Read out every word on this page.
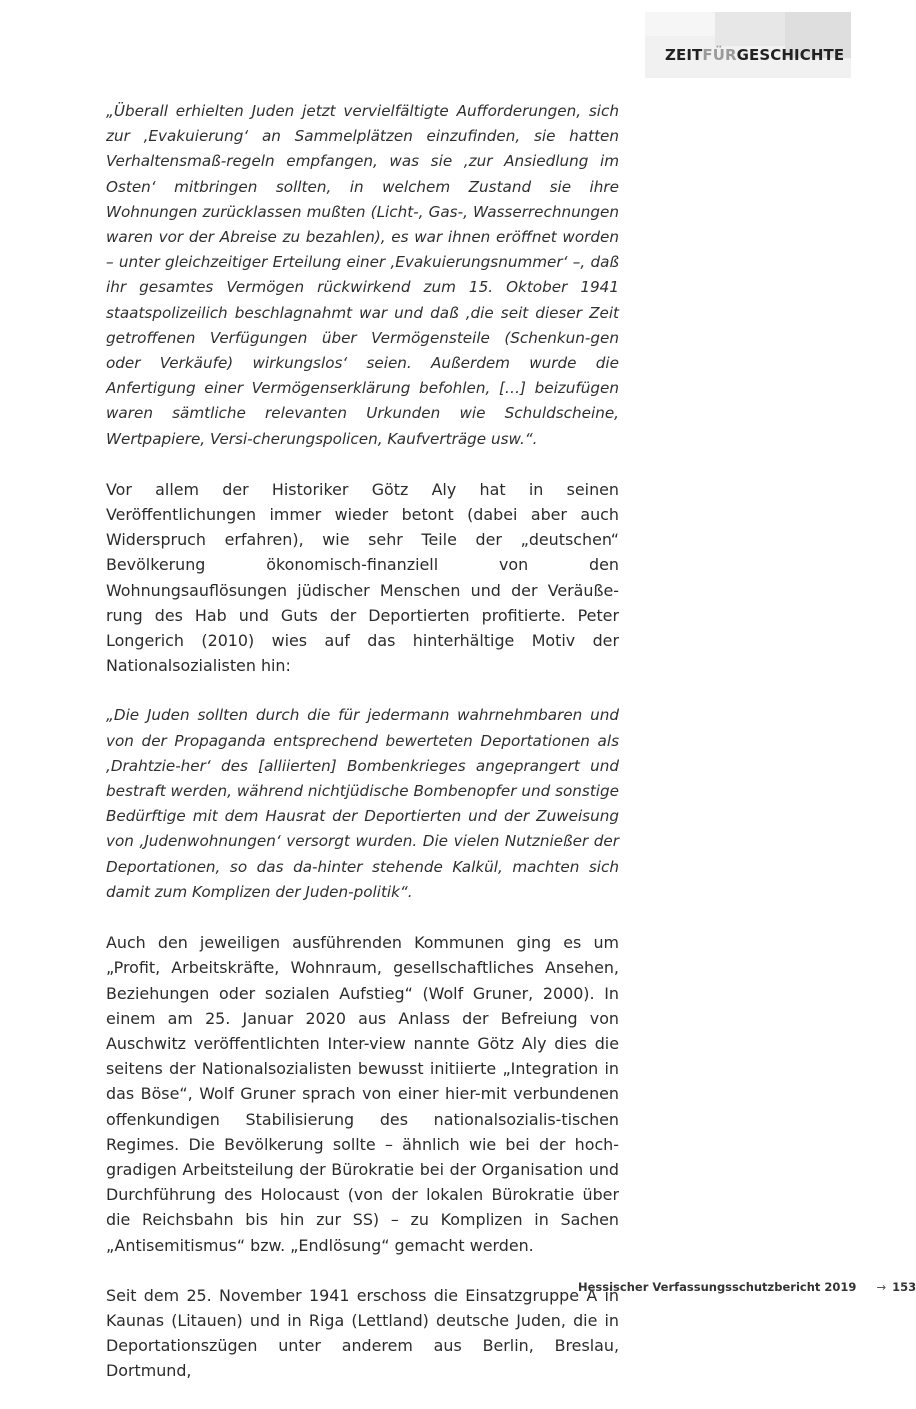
ZEITFÜRGESCHICHTE

„Überall erhielten Juden jetzt vervielfältigte Aufforderungen, sich zur ‚Evakuierung‘ an Sammelplätzen einzufinden, sie hatten Verhaltensmaß-regeln empfangen, was sie ‚zur Ansiedlung im Osten‘ mitbringen sollten, in welchem Zustand sie ihre Wohnungen zurücklassen mußten (Licht-, Gas-, Wasserrechnungen waren vor der Abreise zu bezahlen), es war ihnen eröffnet worden – unter gleichzeitiger Erteilung einer ‚Evakuierungsnummer‘ –, daß ihr gesamtes Vermögen rückwirkend zum 15. Oktober 1941 staatspolizeilich beschlagnahmt war und daß ‚die seit dieser Zeit getroffenen Verfügungen über Vermögensteile (Schenkun-gen oder Verkäufe) wirkungslos‘ seien. Außerdem wurde die Anfertigung einer Vermögenserklärung befohlen, […] beizufügen waren sämtliche relevanten Urkunden wie Schuldscheine, Wertpapiere, Versi-cherungspolicen, Kaufverträge usw.“.

Vor allem der Historiker Götz Aly hat in seinen Veröffentlichungen immer wieder betont (dabei aber auch Widerspruch erfahren), wie sehr Teile der „deutschen“ Bevölkerung ökonomisch-finanziell von den Wohnungsauflösungen jüdischer Menschen und der Veräuße-rung des Hab und Guts der Deportierten profitierte. Peter Longerich (2010) wies auf das hinterhältige Motiv der Nationalsozialisten hin:

„Die Juden sollten durch die für jedermann wahrnehmbaren und von der Propaganda entsprechend bewerteten Deportationen als ‚Drahtzie-her‘ des [alliierten] Bombenkrieges angeprangert und bestraft werden, während nichtjüdische Bombenopfer und sonstige Bedürftige mit dem Hausrat der Deportierten und der Zuweisung von ‚Judenwohnungen‘ versorgt wurden. Die vielen Nutznießer der Deportationen, so das da-hinter stehende Kalkül, machten sich damit zum Komplizen der Juden-politik“.

Auch den jeweiligen ausführenden Kommunen ging es um „Profit, Arbeitskräfte, Wohnraum, gesellschaftliches Ansehen, Beziehungen oder sozialen Aufstieg“ (Wolf Gruner, 2000). In einem am 25. Januar 2020 aus Anlass der Befreiung von Auschwitz veröffentlichten Inter-view nannte Götz Aly dies die seitens der Nationalsozialisten bewusst initiierte „Integration in das Böse“, Wolf Gruner sprach von einer hier-mit verbundenen offenkundigen Stabilisierung des nationalsozialis-tischen Regimes. Die Bevölkerung sollte – ähnlich wie bei der hoch-gradigen Arbeitsteilung der Bürokratie bei der Organisation und Durchführung des Holocaust (von der lokalen Bürokratie über die Reichsbahn bis hin zur SS) – zu Komplizen in Sachen „Antisemitismus“ bzw. „Endlösung“ gemacht werden.

Seit dem 25. November 1941 erschoss die Einsatzgruppe A in Kaunas (Litauen) und in Riga (Lettland) deutsche Juden, die in Deportationszügen unter anderem aus Berlin, Breslau, Dortmund,

Hessischer Verfassungsschutzbericht 2019 → 153
